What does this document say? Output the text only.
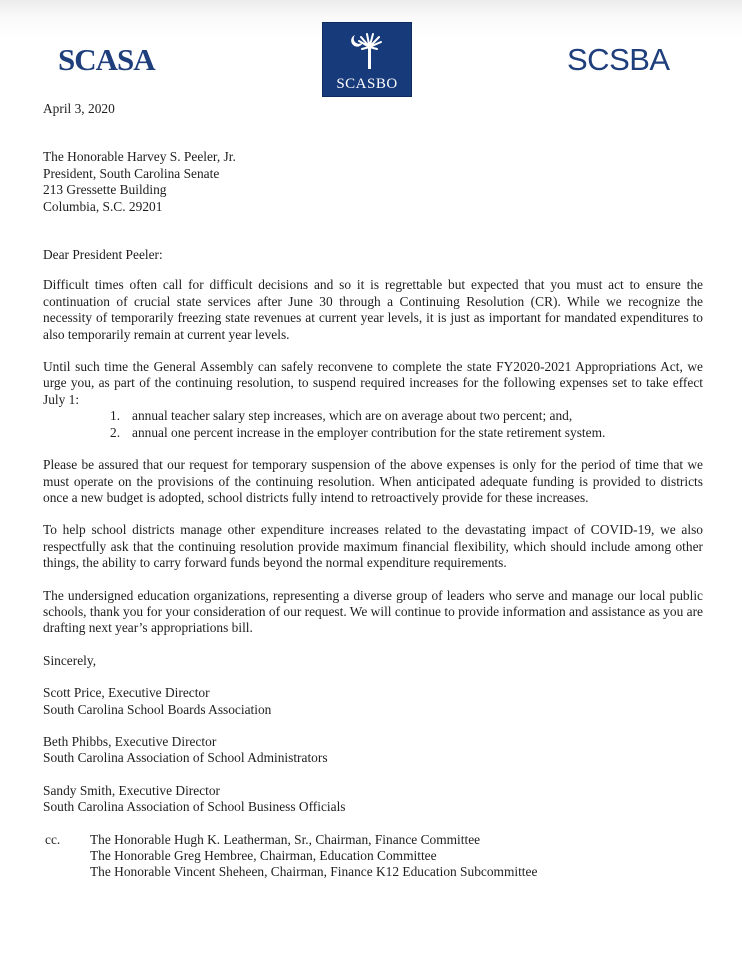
SCASA
SCASBO
SCSBA

April 3, 2020

The Honorable Harvey S. Peeler, Jr.
President, South Carolina Senate
213 Gressette Building
Columbia, S.C. 29201

Dear President Peeler:

Difficult times often call for difficult decisions and so it is regrettable but expected that you must act to ensure the continuation of crucial state services after June 30 through a Continuing Resolution (CR). While we recognize the necessity of temporarily freezing state revenues at current year levels, it is just as important for mandated expenditures to also temporarily remain at current year levels.

Until such time the General Assembly can safely reconvene to complete the state FY2020-2021 Appropriations Act, we urge you, as part of the continuing resolution, to suspend required increases for the following expenses set to take effect July 1:

1. annual teacher salary step increases, which are on average about two percent; and,
2. annual one percent increase in the employer contribution for the state retirement system.

Please be assured that our request for temporary suspension of the above expenses is only for the period of time that we must operate on the provisions of the continuing resolution. When anticipated adequate funding is provided to districts once a new budget is adopted, school districts fully intend to retroactively provide for these increases.

To help school districts manage other expenditure increases related to the devastating impact of COVID-19, we also respectfully ask that the continuing resolution provide maximum financial flexibility, which should include among other things, the ability to carry forward funds beyond the normal expenditure requirements.

The undersigned education organizations, representing a diverse group of leaders who serve and manage our local public schools, thank you for your consideration of our request. We will continue to provide information and assistance as you are drafting next year’s appropriations bill.

Sincerely,

Scott Price, Executive Director
South Carolina School Boards Association

Beth Phibbs, Executive Director
South Carolina Association of School Administrators

Sandy Smith, Executive Director
South Carolina Association of School Business Officials

cc.	The Honorable Hugh K. Leatherman, Sr., Chairman, Finance Committee
The Honorable Greg Hembree, Chairman, Education Committee
The Honorable Vincent Sheheen, Chairman, Finance K12 Education Subcommittee
